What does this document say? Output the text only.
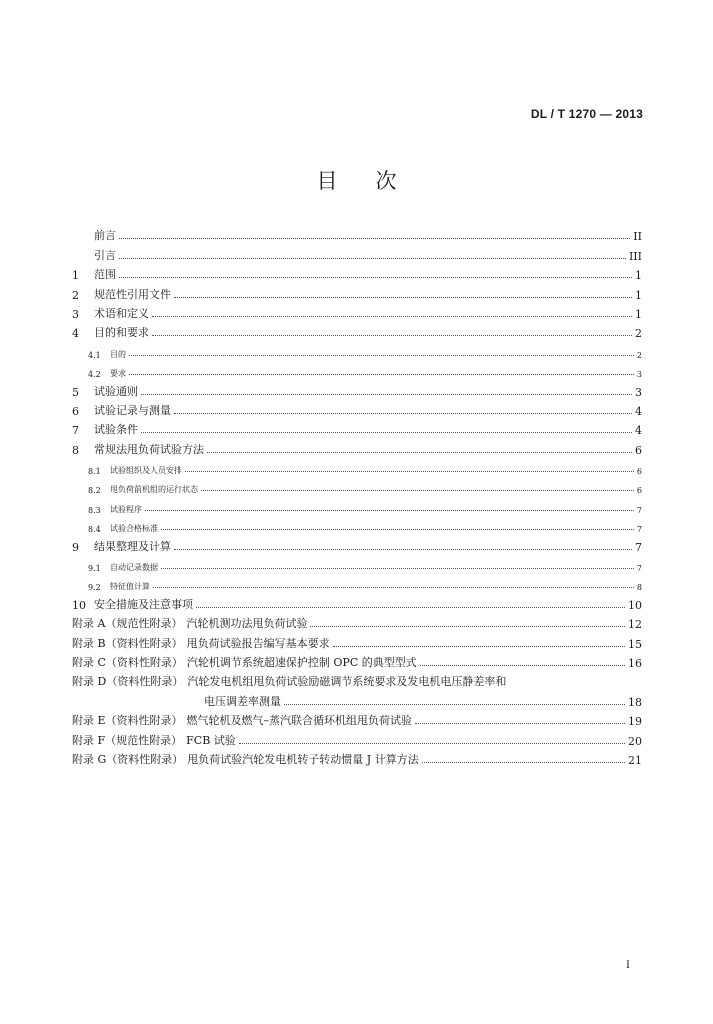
DL / T 1270 — 2013
目次
前言	II
引言	III
1	范围	1
2	规范性引用文件	1
3	术语和定义	1
4	目的和要求	2
4.1	目的	2
4.2	要求	3
5	试验通则	3
6	试验记录与测量	4
7	试验条件	4
8	常规法甩负荷试验方法	6
8.1	试验组织及人员安排	6
8.2	甩负荷前机组的运行状态	6
8.3	试验程序	7
8.4	试验合格标准	7
9	结果整理及计算	7
9.1	自动记录数据	7
9.2	特征值计算	8
10 安全措施及注意事项	10
附录 A（规范性附录） 汽轮机测功法甩负荷试验	12
附录 B（资料性附录） 甩负荷试验报告编写基本要求	15
附录 C（资料性附录） 汽轮机调节系统超速保护控制 OPC 的典型型式	16
附录 D（资料性附录） 汽轮发电机组甩负荷试验励磁调节系统要求及发电机电压静差率和
电压调差率测量	18
附录 E（资料性附录） 燃气轮机及燃气–蒸汽联合循环机组甩负荷试验	19
附录 F（规范性附录） FCB 试验	20
附录 G（资料性附录） 甩负荷试验汽轮发电机转子转动惯量 J 计算方法	21
I
